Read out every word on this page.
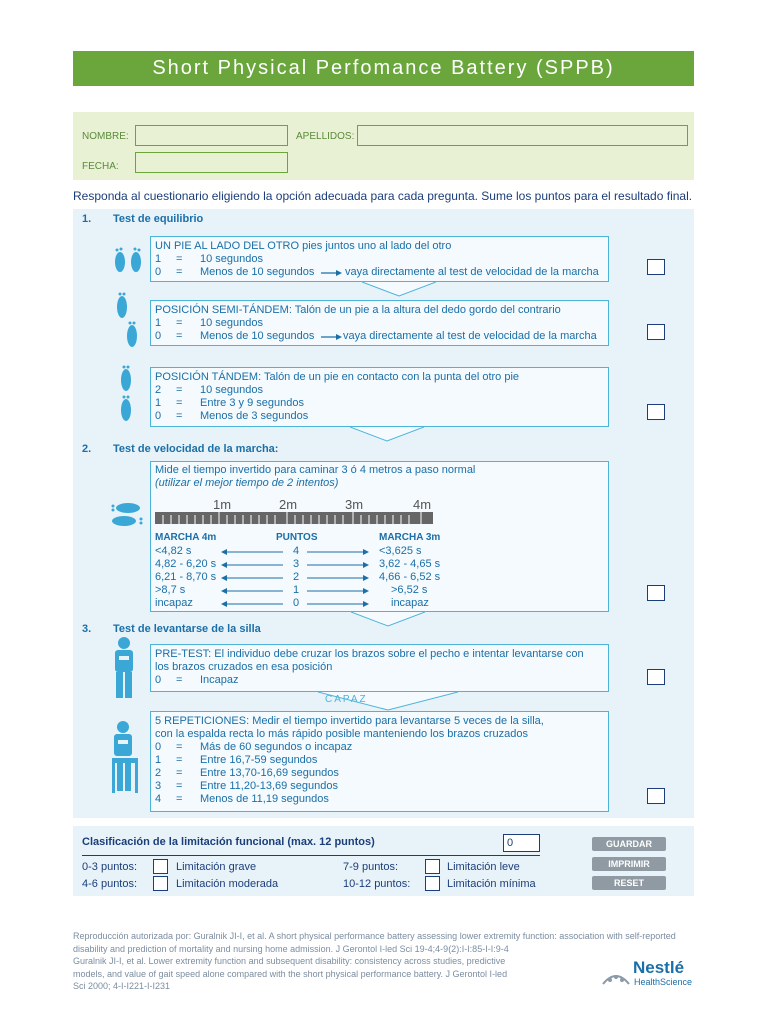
Short Physical Perfomance Battery (SPPB)
NOMBRE:	APELLIDOS:
FECHA:
Responda al cuestionario eligiendo la opción adecuada para cada pregunta. Sume los puntos para el resultado final.
1. Test de equilibrio
UN PIE AL LADO DEL OTRO pies juntos uno al lado del otro
1 = 10 segundos
0 = Menos de 10 segundos	vaya directamente al test de velocidad de la marcha
POSICIÓN SEMI-TÁNDEM: Talón de un pie a la altura del dedo gordo del contrario
1 = 10 segundos
0 = Menos de 10 segundos	vaya directamente al test de velocidad de la marcha
POSICIÓN TÁNDEM: Talón de un pie en contacto con la punta del otro pie
2 = 10 segundos
1 = Entre 3 y 9 segundos
0 = Menos de 3 segundos
2. Test de velocidad de la marcha:
Mide el tiempo invertido para caminar 3 ó 4 metros a paso normal
(utilizar el mejor tiempo de 2 intentos)
1m	2m	3m	4m
MARCHA 4m	PUNTOS	MARCHA 3m
<4,82 s	4	<3,625 s
4,82 - 6,20 s	3	3,62 - 4,65 s
6,21 - 8,70 s	2	4,66 - 6,52 s
>8,7 s	1	>6,52 s
incapaz	0	incapaz
3. Test de levantarse de la silla
PRE-TEST: El individuo debe cruzar los brazos sobre el pecho e intentar levantarse con
los brazos cruzados en esa posición
0 = Incapaz
CAPAZ
5 REPETICIONES: Medir el tiempo invertido para levantarse 5 veces de la silla,
con la espalda recta lo más rápido posible manteniendo los brazos cruzados
0 = Más de 60 segundos o incapaz
1 = Entre 16,7-59 segundos
2 = Entre 13,70-16,69 segundos
3 = Entre 11,20-13,69 segundos
4 = Menos de 11,19 segundos
Clasificación de la limitación funcional (max. 12 puntos)	0
0-3 puntos:	Limitación grave	7-9 puntos:	Limitación leve
4-6 puntos:	Limitación moderada	10-12 puntos:	Limitación mínima
GUARDAR
IMPRIMIR
RESET
Reproducción autorizada por: Guralnik JI-I, et al. A short physical performance battery assessing lower extremity function: association with self-reported
disability and prediction of mortality and nursing home admission. J Gerontol I-led Sci 19-4;4-9(2):I-I:85-I-I:9-4
Guralnik JI-I, et al. Lower extremity function and subsequent disability: consistency across studies, predictive
models, and value of gait speed alone compared with the short physical performance battery. J Gerontol I-led
Sci 2000; 4-I-I221-I-I231
Nestlé
HealthScience
